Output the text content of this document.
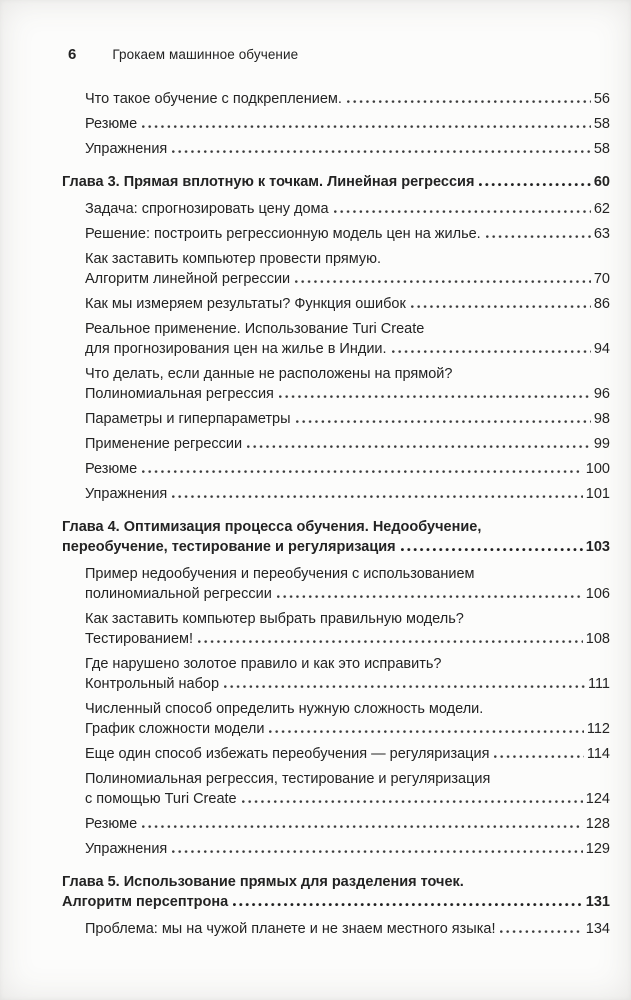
6	Грокаем машинное обучение
Что такое обучение с подкреплением.	56
Резюме	58
Упражнения	58
Глава 3. Прямая вплотную к точкам. Линейная регрессия	60
Задача: спрогнозировать цену дома	62
Решение: построить регрессионную модель цен на жилье.	63
Как заставить компьютер провести прямую.
Алгоритм линейной регрессии	70
Как мы измеряем результаты? Функция ошибок	86
Реальное применение. Использование Turi Create
для прогнозирования цен на жилье в Индии.	94
Что делать, если данные не расположены на прямой?
Полиномиальная регрессия	96
Параметры и гиперпараметры	98
Применение регрессии	99
Резюме	100
Упражнения	101
Глава 4. Оптимизация процесса обучения. Недообучение,
переобучение, тестирование и регуляризация	103
Пример недообучения и переобучения с использованием
полиномиальной регрессии	106
Как заставить компьютер выбрать правильную модель?
Тестированием!	108
Где нарушено золотое правило и как это исправить?
Контрольный набор	111
Численный способ определить нужную сложность модели.
График сложности модели	112
Еще один способ избежать переобучения — регуляризация	114
Полиномиальная регрессия, тестирование и регуляризация
с помощью Turi Create	124
Резюме	128
Упражнения	129
Глава 5. Использование прямых для разделения точек.
Алгоритм персептрона	131
Проблема: мы на чужой планете и не знаем местного языка!	134
